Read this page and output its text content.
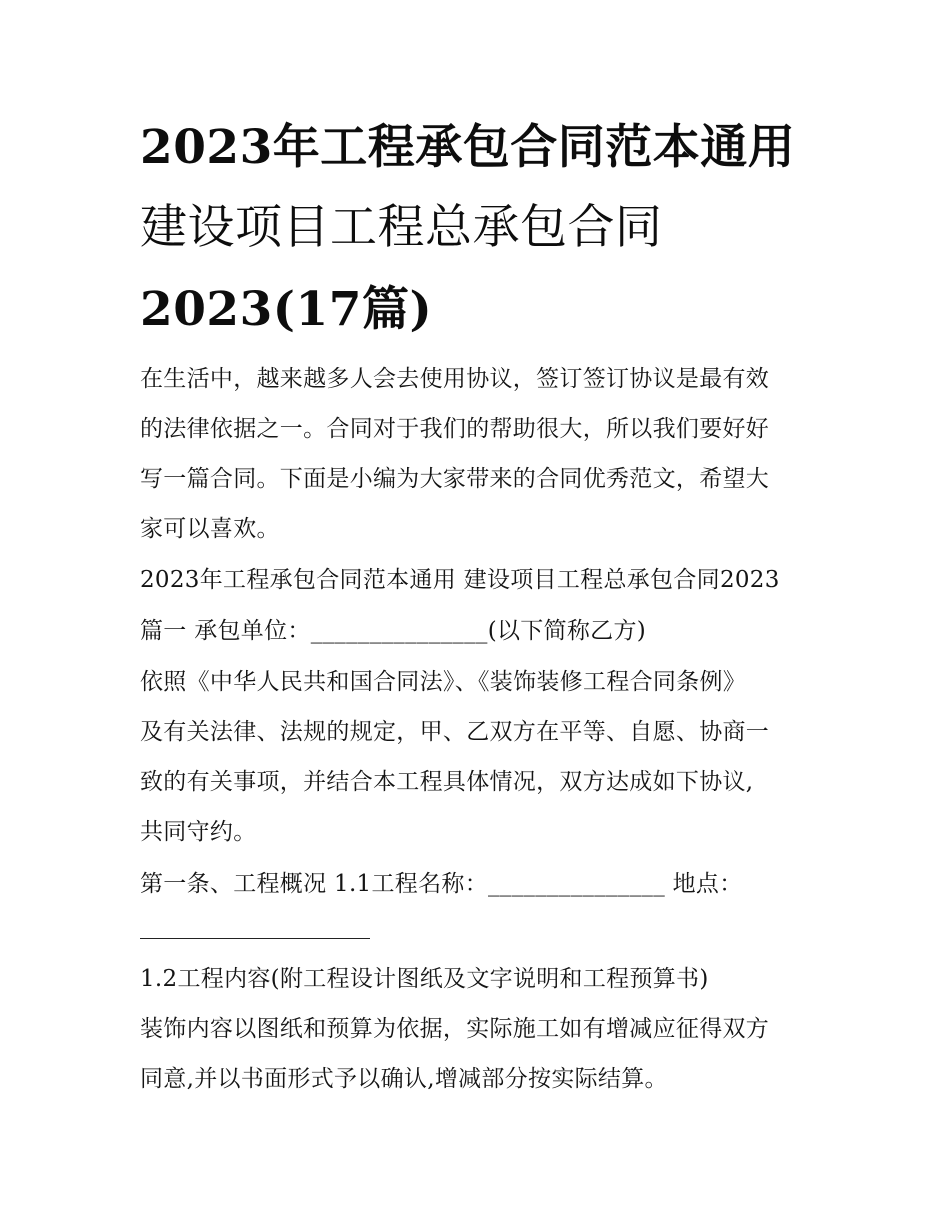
2023年工程承包合同范本通用
建设项目工程总承包合同
2023(17篇)

在生活中，越来越多人会去使用协议，签订签订协议是最有效

的法律依据之一。合同对于我们的帮助很大，所以我们要好好

写一篇合同。下面是小编为大家带来的合同优秀范文，希望大

家可以喜欢。

2023年工程承包合同范本通用 建设项目工程总承包合同2023

篇一 承包单位：_______________(以下简称乙方)

依照《中华人民共和国合同法》、《装饰装修工程合同条例》

及有关法律、法规的规定，甲、乙双方在平等、自愿、协商一

致的有关事项，并结合本工程具体情况，双方达成如下协议,

共同守约。

第一条、工程概况 1.1工程名称：_______________ 地点：

1.2工程内容(附工程设计图纸及文字说明和工程预算书)

装饰内容以图纸和预算为依据，实际施工如有增减应征得双方

同意,并以书面形式予以确认,增减部分按实际结算。
